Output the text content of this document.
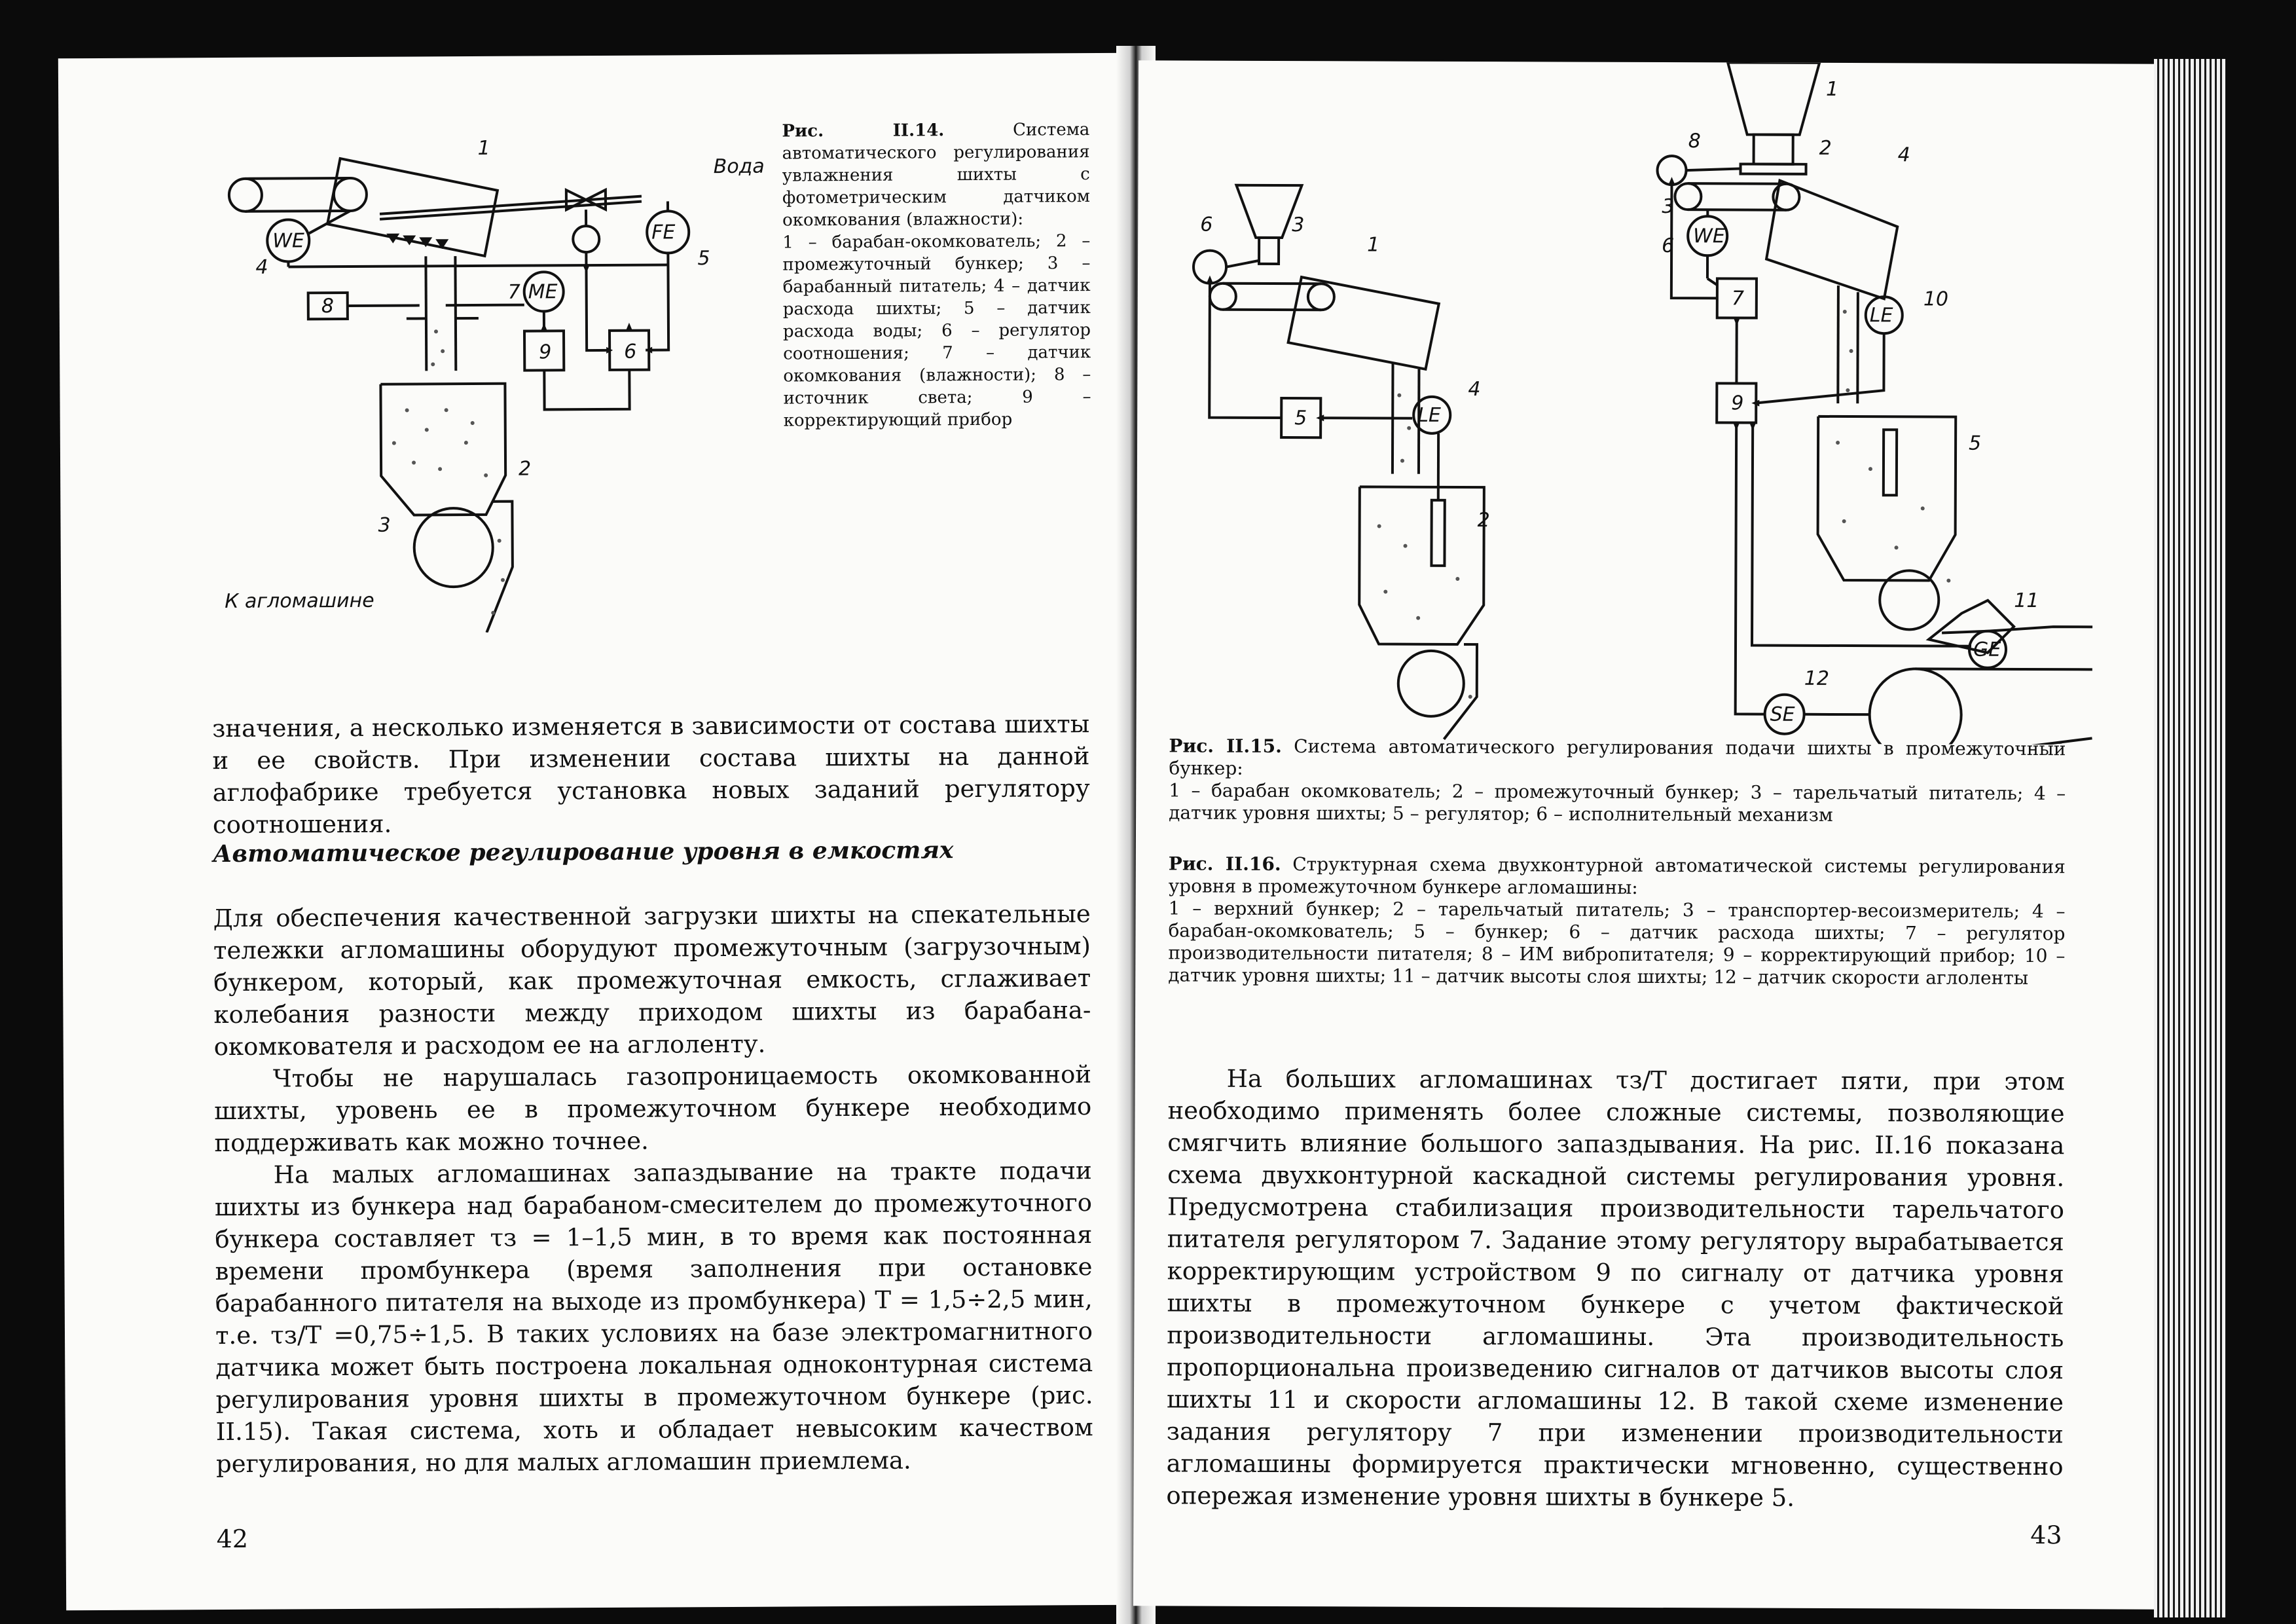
WE	FE
ME
Вода
К агломашине
1
2
3
4	5
6
7
8
9
Рис. II.14.	Система автоматического регулирования увлажнения шихты с фотометрическим датчиком окомкования (влажности):
1 – барабан-окомкователь; 2 – промежуточный бункер; 3 – барабанный питатель; 4 – датчик расхода шихты; 5 – датчик расхода воды; 6 – регулятор соотношения; 7 – датчик окомкования (влажности); 8 – источник света; 9 – корректирующий прибор

значения, а несколько изменяется в зависимости от состава шихты и ее свойств. При изменении состава шихты на данной аглофабрике требуется установка новых заданий регулятору соотношения.

Автоматическое регулирование уровня в емкостях

Для обеспечения качественной загрузки шихты на спекательные тележки агломашины оборудуют промежуточным (загрузочным) бункером, который, как промежуточная емкость, сглаживает колебания разности между приходом шихты из барабана-окомкователя и расходом ее на аглоленту.

Чтобы не нарушалась газопроницаемость окомкованной шихты, уровень ее в промежуточном бункере необходимо поддерживать как можно точнее.

На малых агломашинах запаздывание на тракте подачи шихты из бункера над барабаном-смесителем до промежуточного бункера составляет τз = 1–1,5 мин, в то время как постоянная времени промбункера (время заполнения при остановке барабанного питателя на выходе из промбункера) T = 1,5÷2,5 мин, т.е. τз/T =0,75÷1,5. В таких условиях на базе электромагнитного датчика может быть построена локальная одноконтурная система регулирования уровня шихты в промежуточном бункере (рис. II.15). Такая система, хоть и обладает невысоким качеством регулирования, но для малых агломашин приемлема.

42
LE
1
2
3
4
5
6
WE
LE
GE
SE
1
2
3
4
5
6
7
8
9
10
11
12
Рис. II.15. Система автоматического регулирования подачи шихты в промежуточный бункер:
1 – барабан окомкователь; 2 – промежуточный бункер; 3 – тарельчатый питатель; 4 – датчик уровня шихты; 5 – регулятор; 6 – исполнительный механизм
Рис. II.16. Структурная схема двухконтурной автоматической системы регулирования уровня в промежуточном бункере агломашины:
1 – верхний бункер; 2 – тарельчатый питатель; 3 – транспортер-весоизмеритель; 4 – барабан-окомкователь; 5 – бункер; 6 – датчик расхода шихты; 7 – регулятор производительности питателя; 8 – ИМ вибропитателя; 9 – корректирующий прибор; 10 – датчик уровня шихты; 11 – датчик высоты слоя шихты; 12 – датчик скорости аглоленты

На больших агломашинах τз/T достигает пяти, при этом необходимо применять более сложные системы, позволяющие смягчить влияние большого запаздывания. На рис. II.16 показана схема двухконтурной каскадной системы регулирования уровня. Предусмотрена стабилизация производительности тарельчатого питателя регулятором 7. Задание этому регулятору вырабатывается корректирующим устройством 9 по сигналу от датчика уровня шихты в промежуточном бункере с учетом фактической производительности агломашины. Эта производительность пропорциональна произведению сигналов от датчиков высоты слоя шихты 11 и скорости агломашины 12. В такой схеме изменение задания регулятору 7 при изменении производительности агломашины формируется практически мгновенно, существенно опережая изменение уровня шихты в бункере 5.

43
